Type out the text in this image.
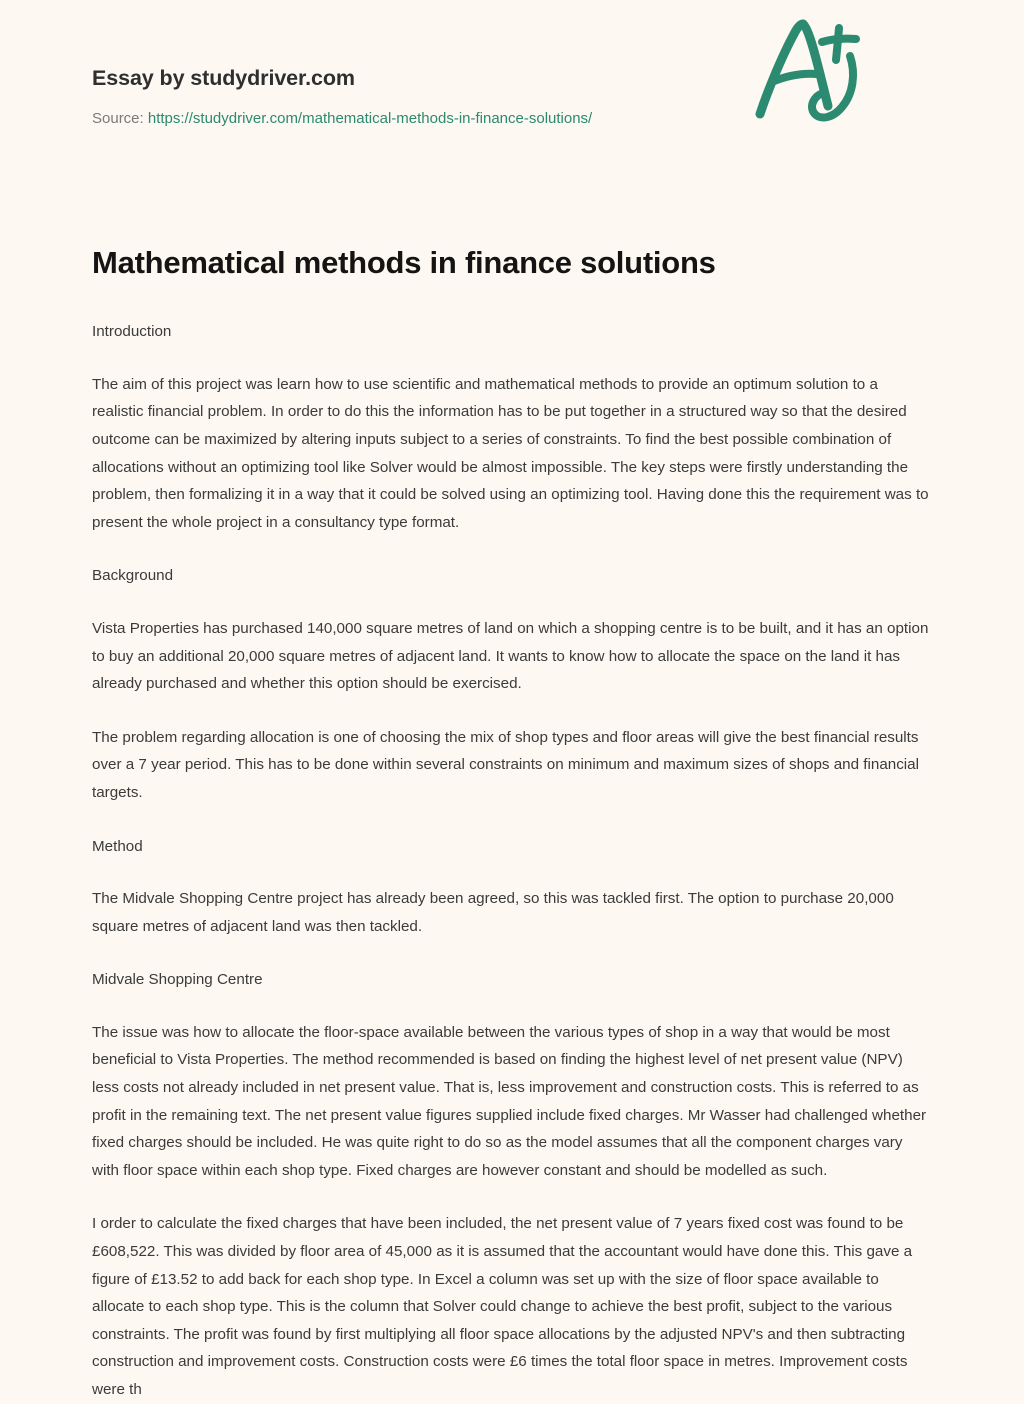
Essay by studydriver.com
Source: https://studydriver.com/mathematical-methods-in-finance-solutions/
Mathematical methods in finance solutions

Introduction

The aim of this project was learn how to use scientific and mathematical methods to provide an optimum solution to a realistic financial problem. In order to do this the information has to be put together in a structured way so that the desired outcome can be maximized by altering inputs subject to a series of constraints. To find the best possible combination of allocations without an optimizing tool like Solver would be almost impossible. The key steps were firstly understanding the problem, then formalizing it in a way that it could be solved using an optimizing tool. Having done this the requirement was to present the whole project in a consultancy type format.

Background

Vista Properties has purchased 140,000 square metres of land on which a shopping centre is to be built, and it has an option to buy an additional 20,000 square metres of adjacent land. It wants to know how to allocate the space on the land it has already purchased and whether this option should be exercised.

The problem regarding allocation is one of choosing the mix of shop types and floor areas will give the best financial results over a 7 year period. This has to be done within several constraints on minimum and maximum sizes of shops and financial targets.

Method

The Midvale Shopping Centre project has already been agreed, so this was tackled first. The option to purchase 20,000 square metres of adjacent land was then tackled.

Midvale Shopping Centre

The issue was how to allocate the floor-space available between the various types of shop in a way that would be most beneficial to Vista Properties. The method recommended is based on finding the highest level of net present value (NPV) less costs not already included in net present value. That is, less improvement and construction costs. This is referred to as profit in the remaining text. The net present value figures supplied include fixed charges. Mr Wasser had challenged whether fixed charges should be included. He was quite right to do so as the model assumes that all the component charges vary with floor space within each shop type. Fixed charges are however constant and should be modelled as such.

I order to calculate the fixed charges that have been included, the net present value of 7 years fixed cost was found to be £608,522. This was divided by floor area of 45,000 as it is assumed that the accountant would have done this. This gave a figure of £13.52 to add back for each shop type. In Excel a column was set up with the size of floor space available to allocate to each shop type. This is the column that Solver could change to achieve the best profit, subject to the various constraints. The profit was found by first multiplying all floor space allocations by the adjusted NPV's and then subtracting construction and improvement costs. Construction costs were £6 times the total floor space in metres. Improvement costs were th
